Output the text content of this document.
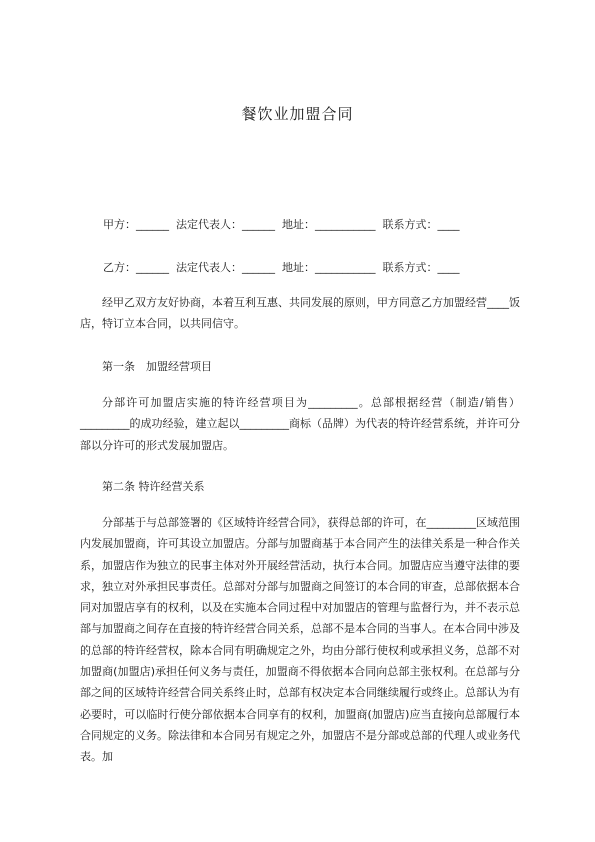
餐饮业加盟合同
甲方：______  法定代表人：______  地址：___________  联系方式：____
乙方：______  法定代表人：______  地址：___________  联系方式：____

经甲乙双方友好协商，本着互利互惠、共同发展的原则，甲方同意乙方加盟经营____饭店，特订立本合同，以共同信守。

第一条　加盟经营项目

分部许可加盟店实施的特许经营项目为_________。总部根据经营（制造/销售）_________的成功经验，建立起以_________商标（品牌）为代表的特许经营系统，并许可分部以分许可的形式发展加盟店。

第二条 特许经营关系

分部基于与总部签署的《区域特许经营合同》，获得总部的许可，在_________区域范围内发展加盟商，许可其设立加盟店。分部与加盟商基于本合同产生的法律关系是一种合作关系，加盟店作为独立的民事主体对外开展经营活动，执行本合同。加盟店应当遵守法律的要求，独立对外承担民事责任。总部对分部与加盟商之间签订的本合同的审查，总部依据本合同对加盟店享有的权利，以及在实施本合同过程中对加盟店的管理与监督行为，并不表示总部与加盟商之间存在直接的特许经营合同关系，总部不是本合同的当事人。在本合同中涉及的总部的特许经营权，除本合同有明确规定之外，均由分部行使权利或承担义务，总部不对加盟商(加盟店)承担任何义务与责任，加盟商不得依据本合同向总部主张权利。在总部与分部之间的区域特许经营合同关系终止时，总部有权决定本合同继续履行或终止。总部认为有必要时，可以临时行使分部依据本合同享有的权利，加盟商(加盟店)应当直接向总部履行本合同规定的义务。除法律和本合同另有规定之外，加盟店不是分部或总部的代理人或业务代表。加
